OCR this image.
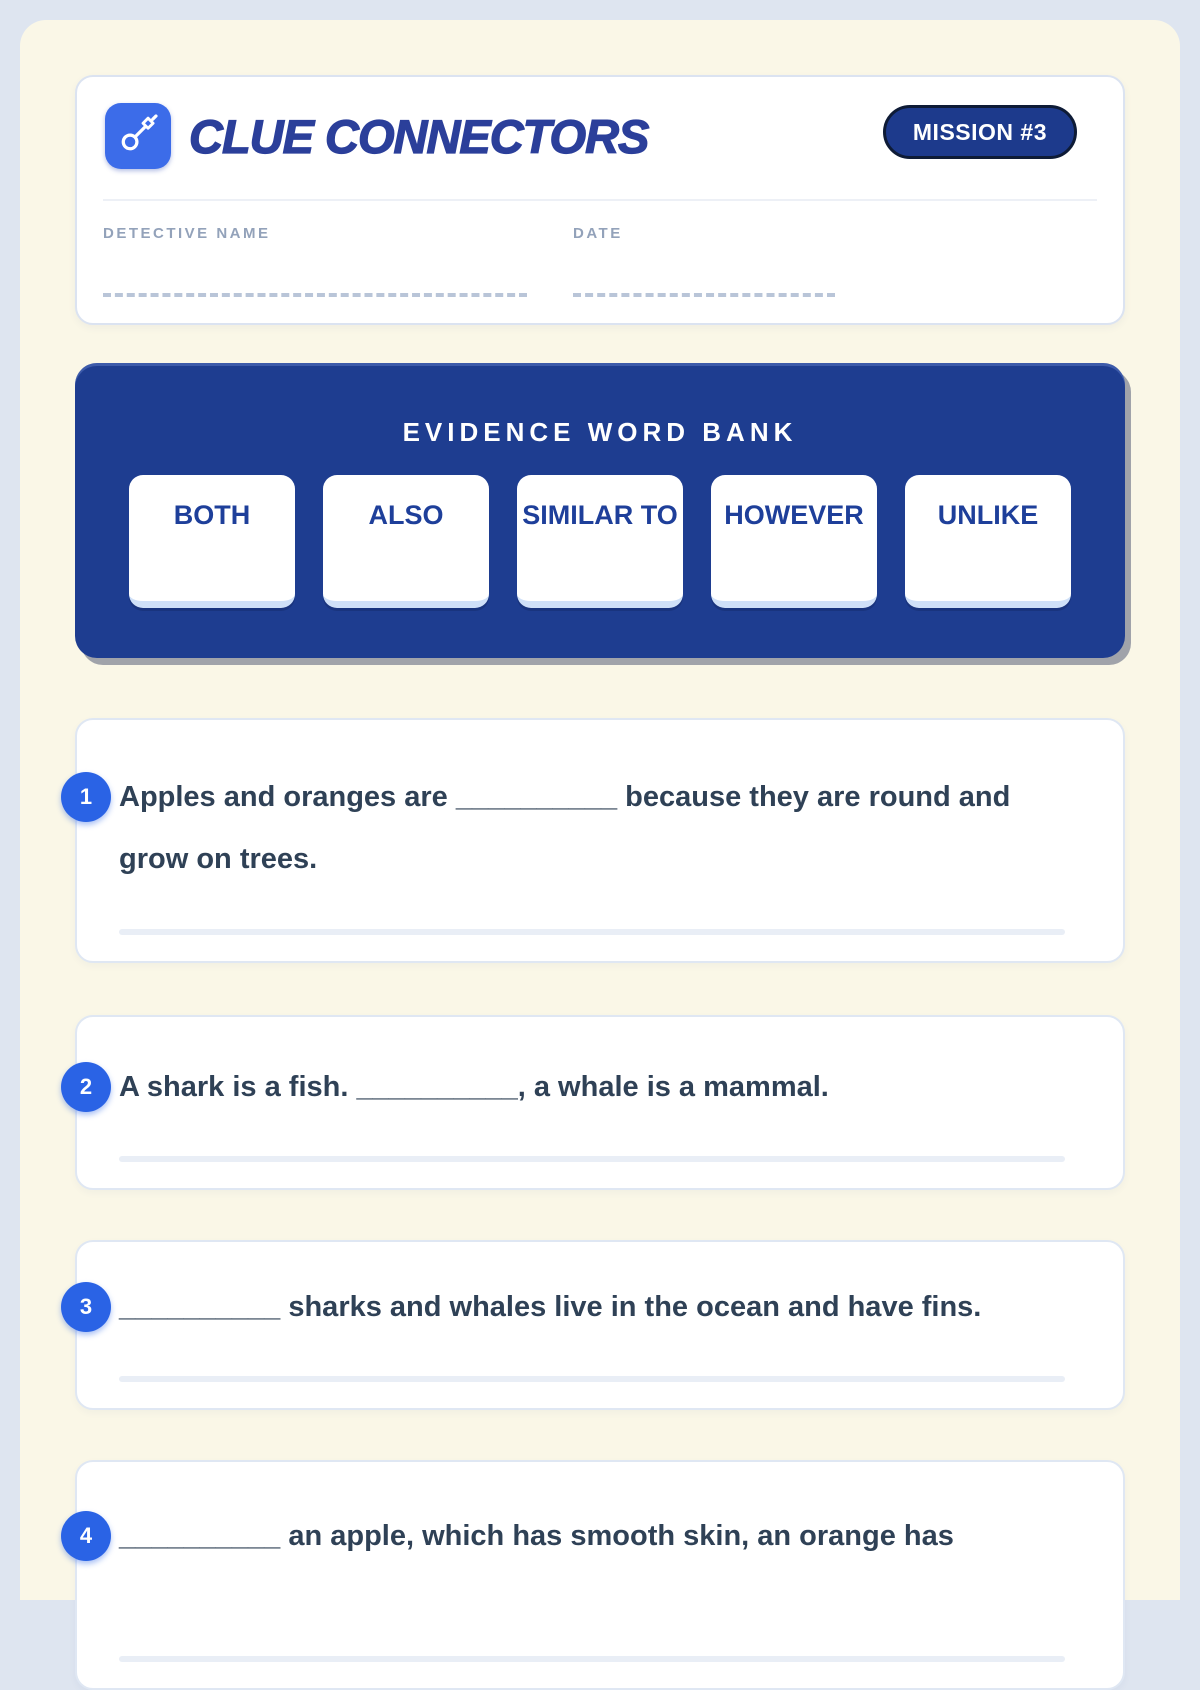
CLUE CONNECTORS	MISSION #3
DETECTIVE NAME	DATE
EVIDENCE WORD BANK
BOTH	ALSO	SIMILAR TO	HOWEVER	UNLIKE
1 Apples and oranges are __________ because they are round and
grow on trees.
2 A shark is a fish. __________, a whale is a mammal.
3 __________ sharks and whales live in the ocean and have fins.
4 __________ an apple, which has smooth skin, an orange has
